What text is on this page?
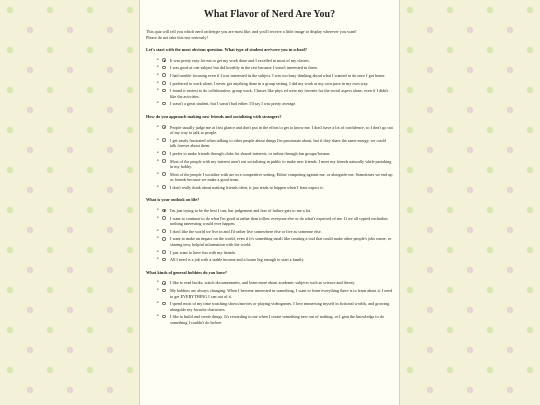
What Flavor of Nerd Are You?
This quiz will tell you which nerd archetype you are most like, and you'll receive a little image to display wherever you want!
Please do not take this test seriously!
Let's start with the most obvious question. What type of student are/were you in school?
• It was pretty easy for me to get my work done and I excelled in most of my classes.
• I was good at one subject but did horribly in the rest because I wasn't interested in them.
• I had trouble focusing even if I was interested in the subject. I was too busy thinking about what I wanted to do once I got home.
• I preferred to work alone, I never got anything done in a group setting. I did my work at my own pace in my own way.
• I found it easiest to do collaborative, group work. Classes like phys ed were my favorite for the social aspect alone, even if I didn't like the activities.
• I wasn't a great student, but I wasn't bad either. I'd say I was pretty average.
How do you approach making new friends and socializing with strangers?
• People usually judge me at first glance and don't put in the effort to get to know me. I don't have a lot of confidence, so I don't go out of my way to talk to people.
• I get easily frustrated when talking to other people about things I'm passionate about, but if they share the same energy, we could talk forever about them.
• I prefer to make friends through clubs for shared interests, or online through fan groups/forums.
• Most of the people with my interest aren't out socializing in public to make new friends. I meet my friends naturally while partaking in my hobby.
• Most of the people I socialize with are in a competitive setting. Either competing against me, or alongside me. Sometimes we end up as friends because we make a good team.
• I don't really think about making friends often, it just tends to happen when I least expect it.
What is your outlook on life?
• I'm just trying to be the best I can, but judgement and fear of failure gets to me a lot.
• I want to continue to do what I'm good at rather than follow everyone else or do what's expected of me. If we all copied eachother, nothing interesting would ever happen.
• I don't like the world we live in and I'd rather live somewhere else or live as someone else.
• I want to make an impact on the world, even if it's something small like creating a tool that could make other people's jobs easier, or sharing new, helpful information with the world.
• I just want to have fun with my friends.
• All I need is a job with a stable income and a house big enough to start a family.
What kinds of general hobbies do you have?
• I like to read books, watch documentaries, and learn more about academic subjects such as science and theory.
• My hobbies are always changing. When I become interested in something, I want to learn everything there is to learn about it. I need to get EVERYTHING I can out of it.
• I spend most of my time watching shows/movies or playing videogames. I love immersing myself in fictional worlds, and growing alongside my favorite characters.
• I like to build and create things. It's rewarding to me when I create something new out of nothing, or I gain the knowledge to do something I couldn't do before.
